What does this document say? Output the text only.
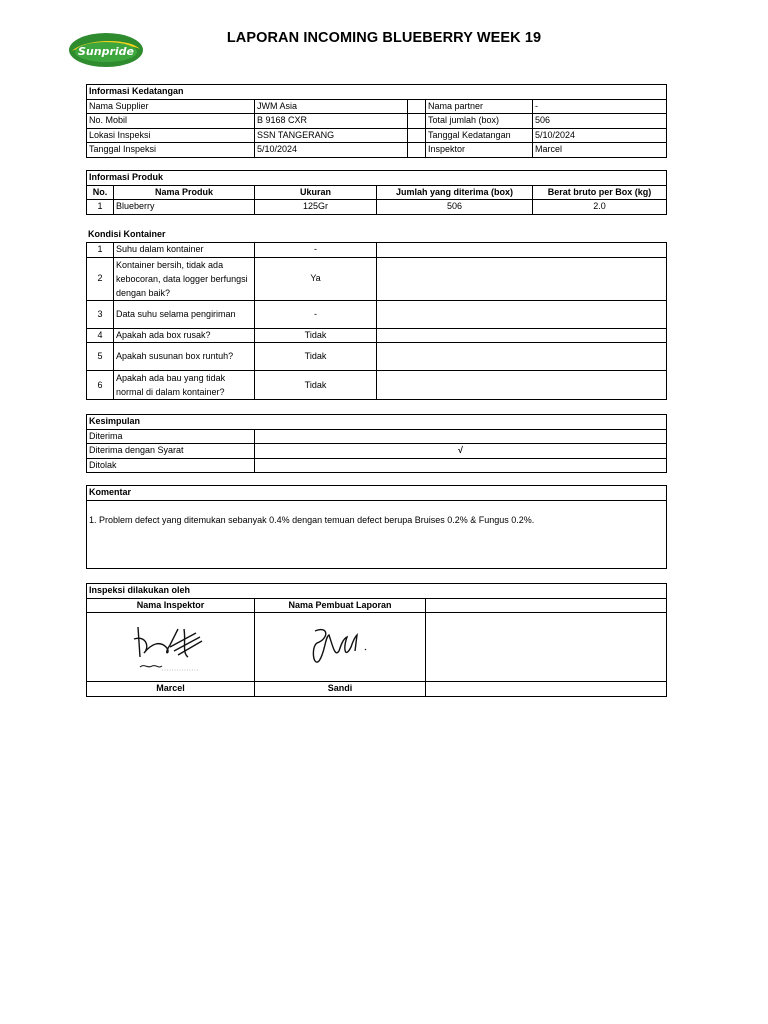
Sunpride
LAPORAN INCOMING BLUEBERRY WEEK 19
Informasi Kedatangan				
Nama Supplier	JWM Asia		Nama partner	-
No. Mobil	B 9168 CXR		Total jumlah (box)	506
Lokasi Inspeksi	SSN TANGERANG		Tanggal Kedatangan	5/10/2024
Tanggal Inspeksi	5/10/2024		Inspektor	Marcel
Informasi Produk				
No.	Nama Produk	Ukuran	Jumlah yang diterima (box)	Berat bruto per Box (kg)
1	Blueberry	125Gr	506	2.0
Kondisi Kontainer
1	Suhu dalam kontainer	-	
2	Kontainer bersih, tidak ada kebocoran, data logger berfungsi dengan baik?	Ya	
3	Data suhu selama pengiriman	-	
4	Apakah ada box rusak?	Tidak	
5	Apakah susunan box runtuh?	Tidak	
6	Apakah ada bau yang tidak normal di dalam kontainer?	Tidak	
Kesimpulan	
Diterima	
Diterima dengan Syarat	√
Ditolak	
Komentar
1. Problem defect yang ditemukan sebanyak 0.4% dengan temuan defect berupa Bruises 0.2% & Fungus 0.2%.
Inspeksi dilakukan oleh		
Nama Inspektor	Nama Pembuat Laporan	

Marcel	Sandi	
